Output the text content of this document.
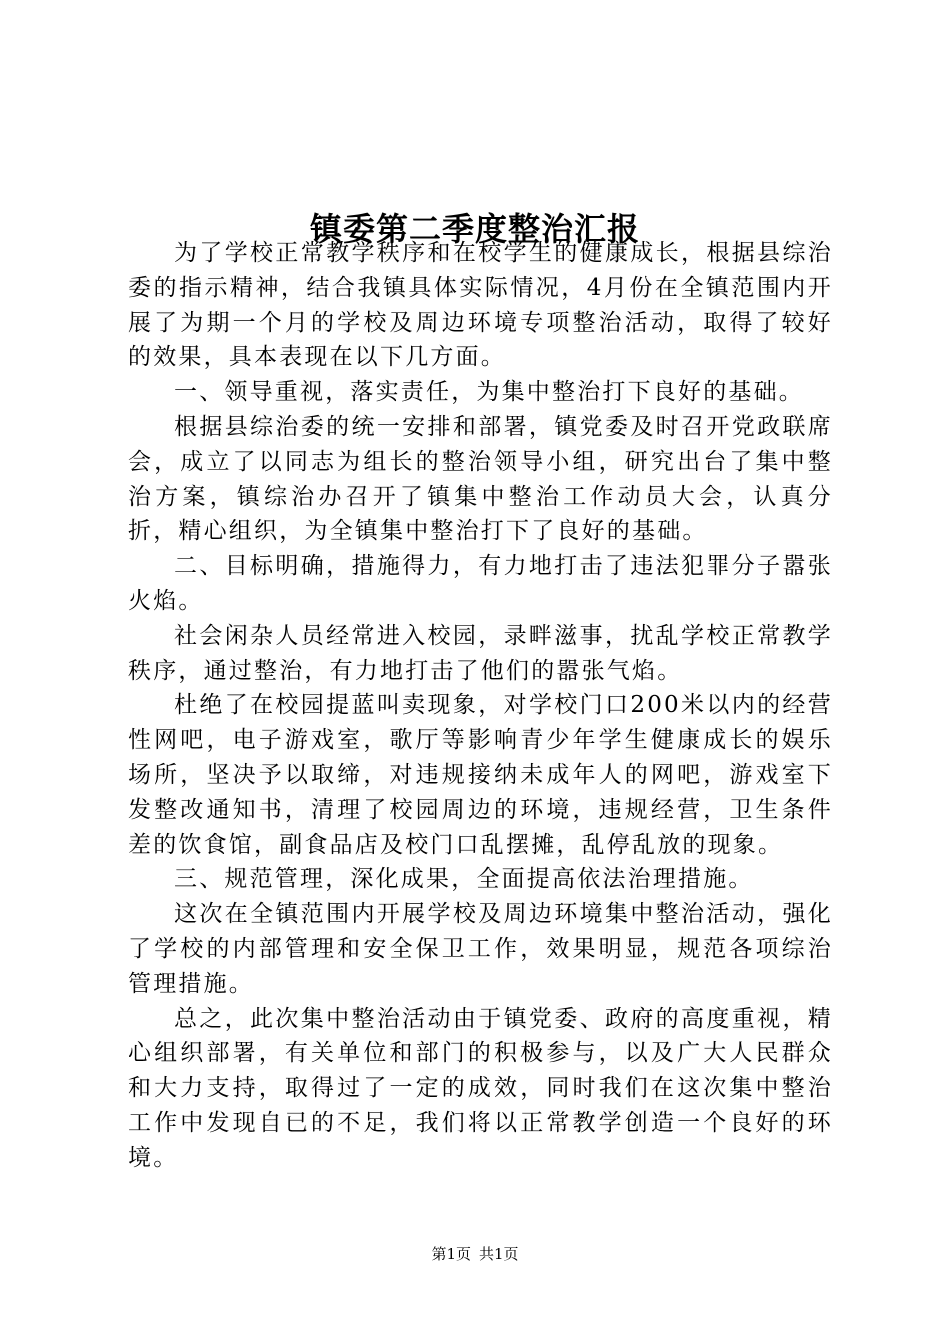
镇委第二季度整治汇报

为了学校正常教学秩序和在校学生的健康成长，根据县综治委的指示精神，结合我镇具体实际情况，4月份在全镇范围内开展了为期一个月的学校及周边环境专项整治活动，取得了较好的效果，具本表现在以下几方面。

一、领导重视，落实责任，为集中整治打下良好的基础。

根据县综治委的统一安排和部署，镇党委及时召开党政联席会，成立了以同志为组长的整治领导小组，研究出台了集中整治方案，镇综治办召开了镇集中整治工作动员大会，认真分折，精心组织，为全镇集中整治打下了良好的基础。

二、目标明确，措施得力，有力地打击了违法犯罪分子嚣张火焰。

社会闲杂人员经常进入校园，录畔滋事，扰乱学校正常教学秩序，通过整治，有力地打击了他们的嚣张气焰。

杜绝了在校园提蓝叫卖现象，对学校门口200米以内的经营性网吧，电子游戏室，歌厅等影响青少年学生健康成长的娱乐场所，坚决予以取缔，对违规接纳未成年人的网吧，游戏室下发整改通知书，清理了校园周边的环境，违规经营，卫生条件差的饮食馆，副食品店及校门口乱摆摊，乱停乱放的现象。

三、规范管理，深化成果，全面提高依法治理措施。

这次在全镇范围内开展学校及周边环境集中整治活动，强化了学校的内部管理和安全保卫工作，效果明显，规范各项综治管理措施。

总之，此次集中整治活动由于镇党委、政府的高度重视，精心组织部署，有关单位和部门的积极参与，以及广大人民群众和大力支持，取得过了一定的成效，同时我们在这次集中整治工作中发现自已的不足，我们将以正常教学创造一个良好的环境。

第1页 共1页
